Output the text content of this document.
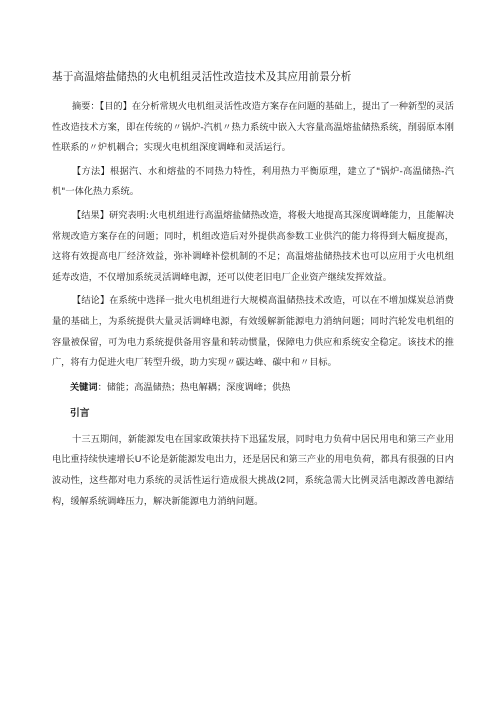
基于高温熔盐储热的火电机组灵活性改造技术及其应用前景分析

摘要：【目的】在分析常规火电机组灵活性改造方案存在问题的基础上，提出了一种新型的灵活性改造技术方案，即在传统的〃锅炉-汽机〃热力系统中嵌入大容量高温熔盐储热系统，削弱原本刚性联系的〃炉机耦合；实现火电机组深度调峰和灵活运行。

【方法】根据汽、水和熔盐的不同热力特性，利用热力平衡原理，建立了"锅炉-高温储热-汽机"一体化热力系统。

【结果】研究表明:火电机组进行高温熔盐储热改造，将极大地提高其深度调峰能力，且能解决常规改造方案存在的问题；同时，机组改造后对外提供高参数工业供汽的能力将得到大幅度提高，这将有效提高电厂经济效益，弥补调峰补偿机制的不足；高温熔盐储热技术也可以应用于火电机组延寿改造，不仅增加系统灵活调峰电源，还可以使老旧电厂企业资产继续发挥效益。

【结论】在系统中选择一批火电机组进行大规模高温储热技术改造，可以在不增加煤炭总消费量的基础上，为系统提供大量灵活调峰电源，有效缓解新能源电力消纳问题；同时汽轮发电机组的容量被保留，可为电力系统提供备用容量和转动惯量，保障电力供应和系统安全稳定。该技术的推广，将有力促进火电厂转型升级，助力实现〃碳达峰、碳中和〃目标。

关键词：储能；高温储热；热电解耦；深度调峰；供热
引言

十三五期间，新能源发电在国家政策扶持下迅猛发展，同时电力负荷中居民用电和第三产业用电比重持续快速增长U不论是新能源发电出力，还是居民和第三产业的用电负荷，都具有很强的日内波动性，这些都对电力系统的灵活性运行造成很大挑战(2同，系统急需大比例灵活电源改善电源结构，缓解系统调峰压力，解决新能源电力消纳问题。
